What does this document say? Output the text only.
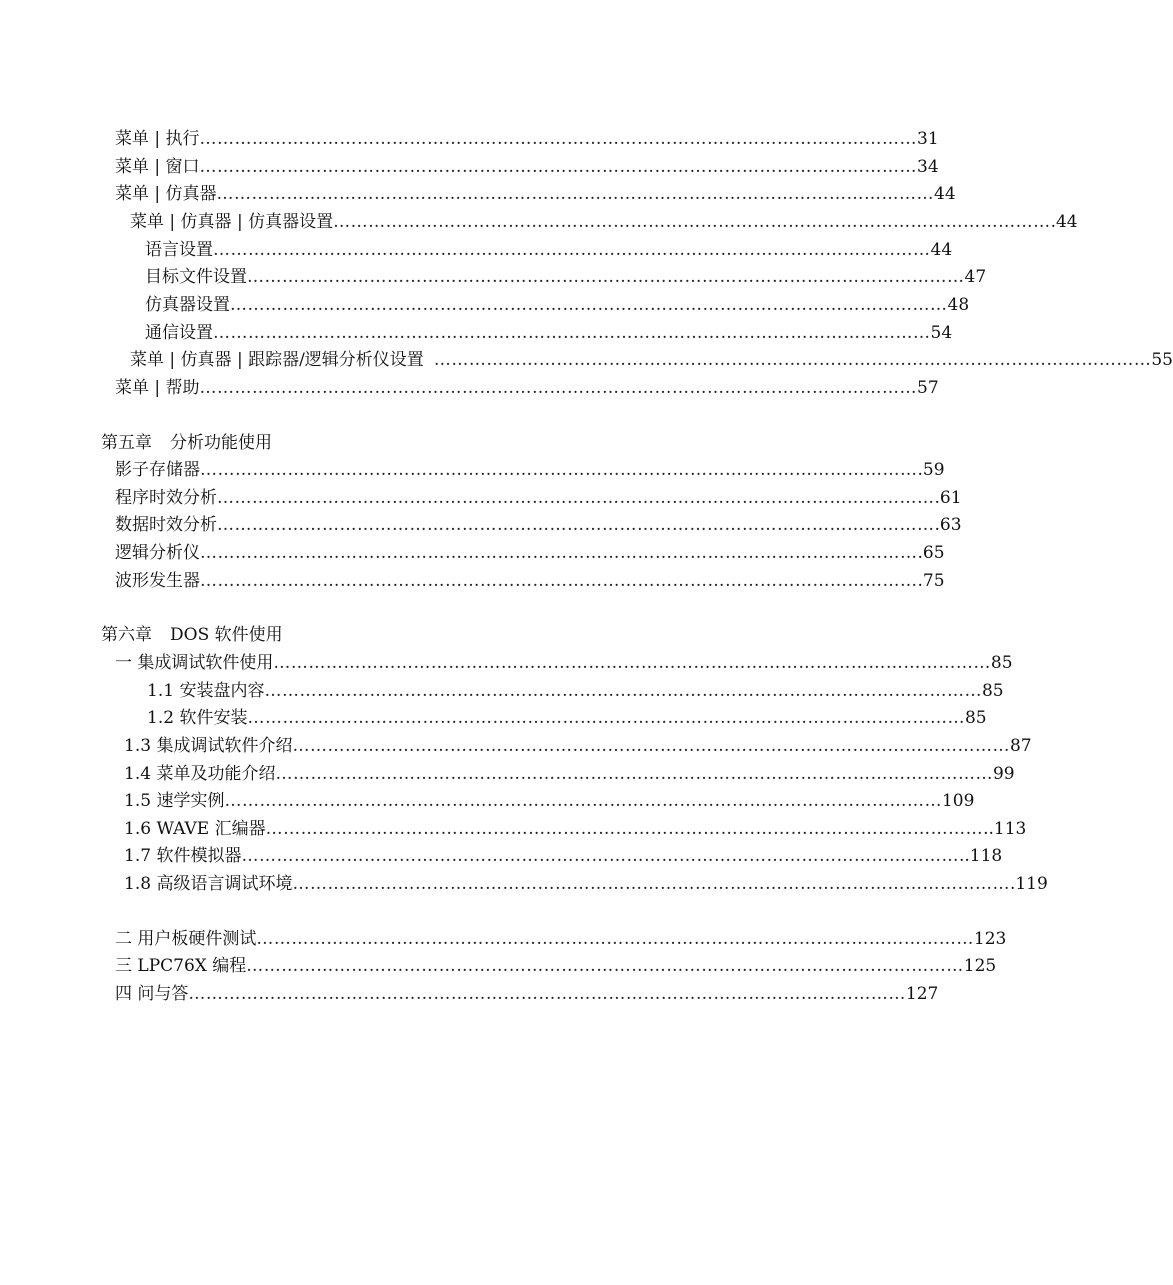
菜单 | 执行 …………………………………………………………………………………………………………… 31
菜单 | 窗口 …………………………………………………………………………………………………………… 34
菜单 | 仿真器 …………………………………………………………………………………………………………… 44
菜单 | 仿真器 | 仿真器设置 …………………………………………………………………………………………………………… .44
语言设置 …………………………………………………………………………………………………………… 44
目标文件设置 …………………………………………………………………………………………………………… 47
仿真器设置 …………………………………………………………………………………………………………… 48
通信设置 …………………………………………………………………………………………………………… 54
菜单 | 仿真器 | 跟踪器/逻辑分析仪设置 …………………………………………………………………………………………………………… 55
菜单 | 帮助 …………………………………………………………………………………………………………… 57
第五章 分析功能使用
影子存储器 …………………………………………………………………………………………………………… .59
程序时效分析 …………………………………………………………………………………………………………… .61
数据时效分析 …………………………………………………………………………………………………………… .63
逻辑分析仪 …………………………………………………………………………………………………………… .65
波形发生器 …………………………………………………………………………………………………………… .75
第六章 DOS 软件使用
一 集成调试软件使用 …………………………………………………………………………………………………………… 85
1.1 安装盘内容 …………………………………………………………………………………………………………… 85
1.2 软件安装 …………………………………………………………………………………………………………… 85
1.3 集成调试软件介绍 …………………………………………………………………………………………………………… 87
1.4 菜单及功能介绍 …………………………………………………………………………………………………………… 99
1.5 速学实例 …………………………………………………………………………………………………………… 109
1.6 WAVE 汇编器 …………………………………………………………………………………………………………… ..113
1.7 软件模拟器 …………………………………………………………………………………………………………… ..118
1.8 高级语言调试环境 …………………………………………………………………………………………………………… .119
二 用户板硬件测试 …………………………………………………………………………………………………………… 123
三 LPC76X 编程 …………………………………………………………………………………………………………… 125
四 问与答 …………………………………………………………………………………………………………… 127
